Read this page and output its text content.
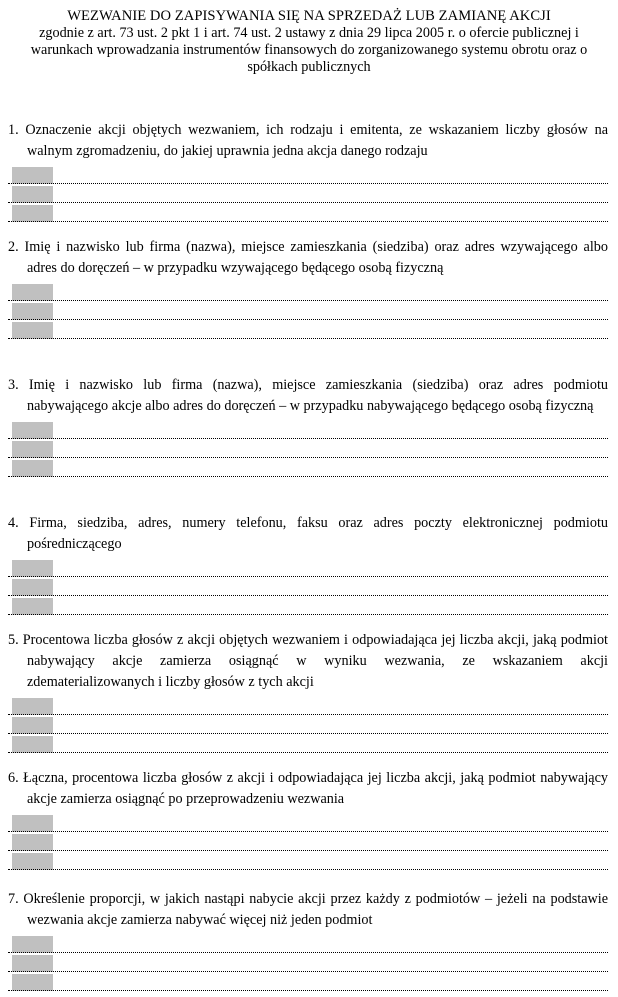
WEZWANIE DO ZAPISYWANIA SIĘ NA SPRZEDAŻ LUB ZAMIANĘ AKCJI
zgodnie z art. 73 ust. 2 pkt 1 i art. 74 ust. 2 ustawy z dnia 29 lipca 2005 r. o ofercie publicznej i warunkach wprowadzania instrumentów finansowych do zorganizowanego systemu obrotu oraz o spółkach publicznych

1. Oznaczenie akcji objętych wezwaniem, ich rodzaju i emitenta, ze wskazaniem liczby głosów na walnym zgromadzeniu, do jakiej uprawnia jedna akcja danego rodzaju

2. Imię i nazwisko lub firma (nazwa), miejsce zamieszkania (siedziba) oraz adres wzywającego albo adres do doręczeń – w przypadku wzywającego będącego osobą fizyczną

3. Imię i nazwisko lub firma (nazwa), miejsce zamieszkania (siedziba) oraz adres podmiotu nabywającego akcje albo adres do doręczeń – w przypadku nabywającego będącego osobą fizyczną

4. Firma, siedziba, adres, numery telefonu, faksu oraz adres poczty elektronicznej podmiotu pośredniczącego

5. Procentowa liczba głosów z akcji objętych wezwaniem i odpowiadająca jej liczba akcji, jaką podmiot nabywający akcje zamierza osiągnąć w wyniku wezwania, ze wskazaniem akcji zdematerializowanych i liczby głosów z tych akcji

6. Łączna, procentowa liczba głosów z akcji i odpowiadająca jej liczba akcji, jaką podmiot nabywający akcje zamierza osiągnąć po przeprowadzeniu wezwania

7. Określenie proporcji, w jakich nastąpi nabycie akcji przez każdy z podmiotów – jeżeli na podstawie wezwania akcje zamierza nabywać więcej niż jeden podmiot
